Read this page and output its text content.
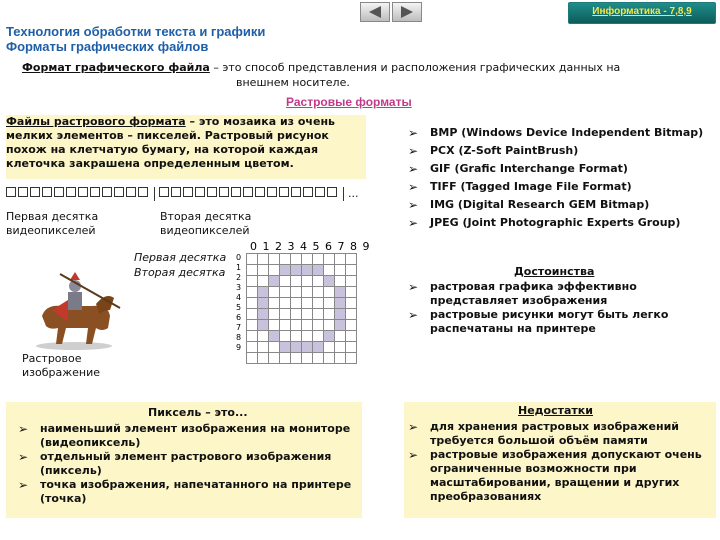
Технология обработки текста и графики
Форматы графических файлов
Информатика - 7,8,9
Формат графического файла – это способ представления и расположения графических данных на
внешнем носителе.
Растровые форматы
Файлы растрового формата – это мозаика из очень
мелких элементов – пикселей. Растровый рисунок
похож на клетчатую бумагу, на которой каждая
клеточка закрашена определенным цветом.
...
Первая десятка
видеопикселей
Вторая десятка
видеопикселей
Первая десятка
Вторая десятка
0 1 2 3 4 5 6 7 8 9
0
1
2
3
4
5
6
7
8
9

Растровое
изображение
➢ BMP (Windows Device Independent Bitmap)
➢ PCX (Z-Soft PaintBrush)
➢ GIF (Grafic Interchange Format)
➢ TIFF (Tagged Image File Format)
➢ IMG (Digital Research GEM Bitmap)
➢ JPEG (Joint Photographic Experts Group)
Достоинства
➢ растровая графика эффективно представляет изображения
➢ растровые рисунки могут быть легко распечатаны на принтере
Пиксель – это...
➢ наименьший элемент изображения на мониторе (видеопиксель)
➢ отдельный элемент растрового изображения (пиксель)
➢ точка изображения, напечатанного на принтере (точка)
Недостатки
➢ для хранения растровых изображений требуется большой объём памяти
➢ растровые изображения допускают очень ограниченные возможности при масштабировании, вращении и других преобразованиях
